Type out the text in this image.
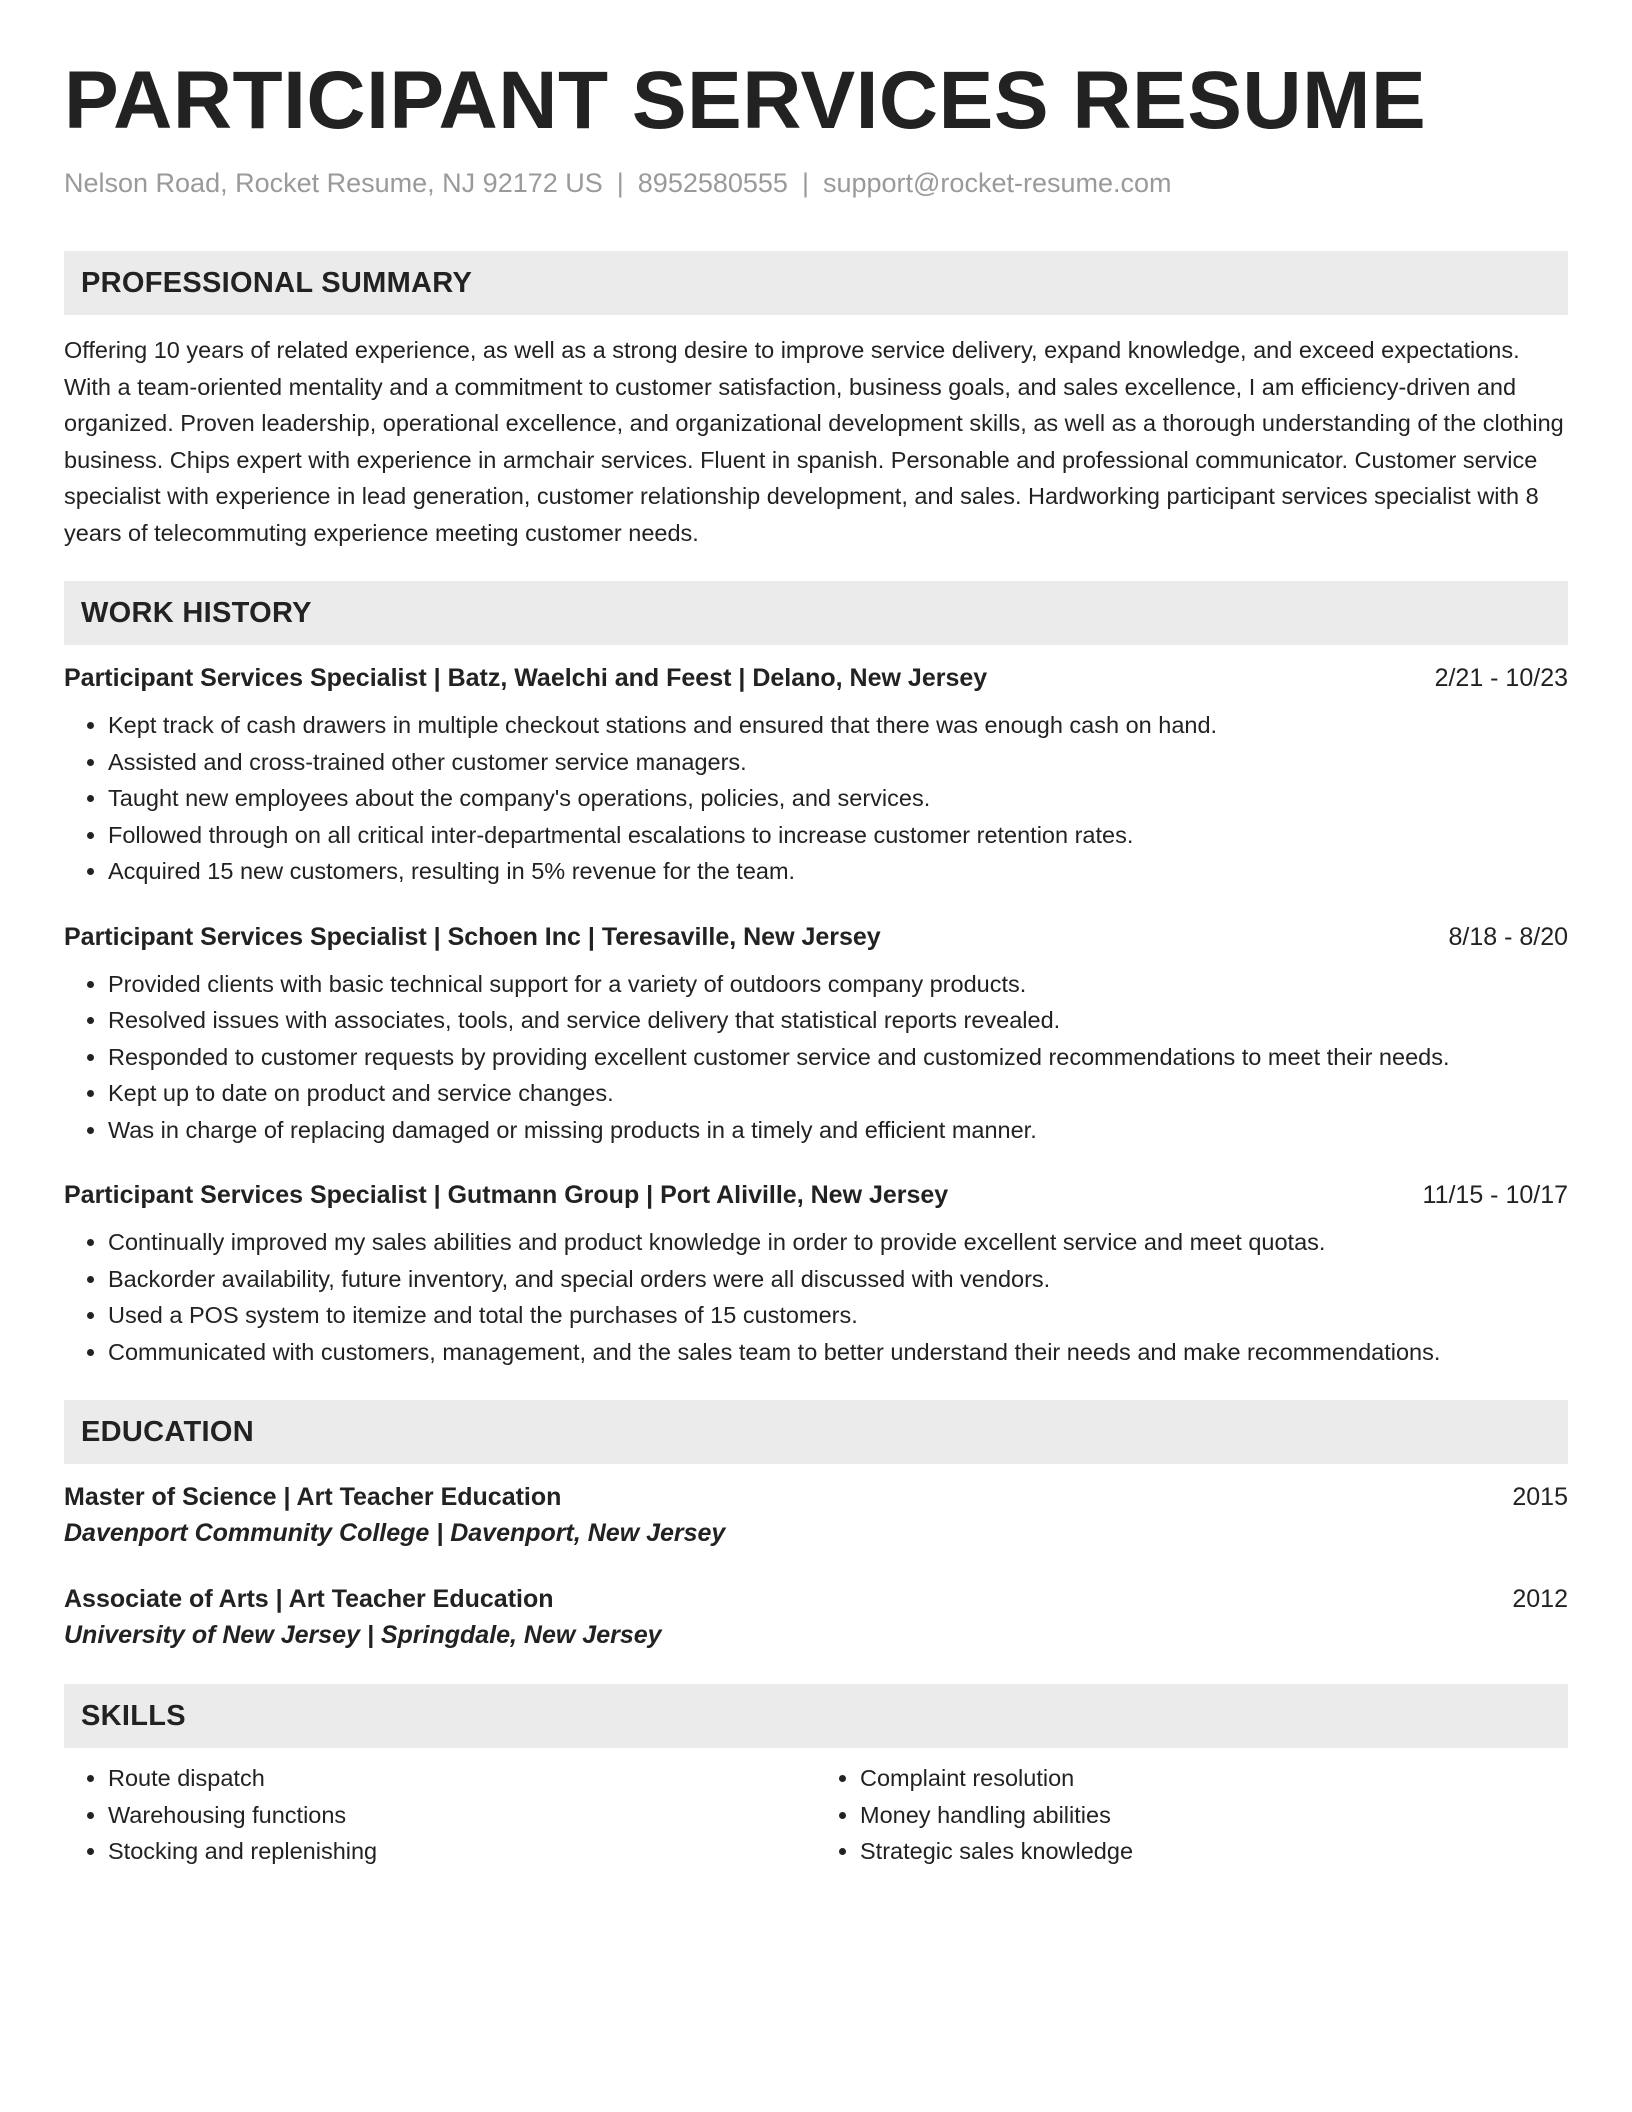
PARTICIPANT SERVICES RESUME
Nelson Road, Rocket Resume, NJ 92172 US | 8952580555 | support@rocket-resume.com
PROFESSIONAL SUMMARY

Offering 10 years of related experience, as well as a strong desire to improve service delivery, expand knowledge, and exceed expectations. With a team-oriented mentality and a commitment to customer satisfaction, business goals, and sales excellence, I am efficiency-driven and organized. Proven leadership, operational excellence, and organizational development skills, as well as a thorough understanding of the clothing business. Chips expert with experience in armchair services. Fluent in spanish. Personable and professional communicator. Customer service specialist with experience in lead generation, customer relationship development, and sales. Hardworking participant services specialist with 8 years of telecommuting experience meeting customer needs.

WORK HISTORY
Participant Services Specialist | Batz, Waelchi and Feest | Delano, New Jersey	2/21 - 10/23
• Kept track of cash drawers in multiple checkout stations and ensured that there was enough cash on hand.
• Assisted and cross-trained other customer service managers.
• Taught new employees about the company's operations, policies, and services.
• Followed through on all critical inter-departmental escalations to increase customer retention rates.
• Acquired 15 new customers, resulting in 5% revenue for the team.
Participant Services Specialist | Schoen Inc | Teresaville, New Jersey	8/18 - 8/20
• Provided clients with basic technical support for a variety of outdoors company products.
• Resolved issues with associates, tools, and service delivery that statistical reports revealed.
• Responded to customer requests by providing excellent customer service and customized recommendations to meet their needs.
• Kept up to date on product and service changes.
• Was in charge of replacing damaged or missing products in a timely and efficient manner.
Participant Services Specialist | Gutmann Group | Port Aliville, New Jersey	11/15 - 10/17
• Continually improved my sales abilities and product knowledge in order to provide excellent service and meet quotas.
• Backorder availability, future inventory, and special orders were all discussed with vendors.
• Used a POS system to itemize and total the purchases of 15 customers.
• Communicated with customers, management, and the sales team to better understand their needs and make recommendations.
EDUCATION
Master of Science | Art Teacher Education	2015
Davenport Community College | Davenport, New Jersey
Associate of Arts | Art Teacher Education	2012
University of New Jersey | Springdale, New Jersey
SKILLS
• Route dispatch
• Warehousing functions
• Stocking and replenishing
• Complaint resolution
• Money handling abilities
• Strategic sales knowledge
